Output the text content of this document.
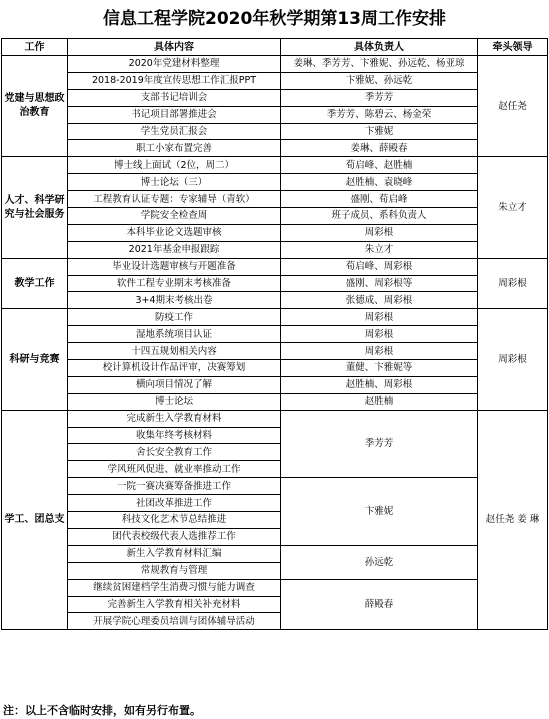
信息工程学院2020年秋学期第13周工作安排
工作	具体内容	具体负责人	牵头领导
党建与思想政治教育	2020年党建材料整理	姜琳、季芳芳、卞雅妮、孙远乾、杨亚琼	赵任尧
	2018-2019年度宣传思想工作汇报PPT	卞雅妮、孙远乾	
	支部书记培训会	季芳芳	
	书记项目部署推进会	季芳芳、陈碧云、杨金荣	
	学生党员汇报会	卞雅妮	
	职工小家布置完善	姜琳、薛殿春	
人才、科学研究与社会服务	博士线上面试（2位，周二）	荀启峰、赵胜楠	朱立才
	博士论坛（三）	赵胜楠、袁晓峰	
	工程教育认证专题：专家辅导（青软）	盛刚、荀启峰	
	学院安全检查周	班子成员、系科负责人	
	本科毕业论文选题审核	周彩根	
	2021年基金申报跟踪	朱立才	
教学工作	毕业设计选题审核与开题准备	荀启峰、周彩根	周彩根
	软件工程专业期末考核准备	盛刚、周彩根等	
	3+4期末考核出卷	张德成、周彩根	
科研与竞赛	防疫工作	周彩根	周彩根
	湿地系统项目认证	周彩根	
	十四五规划相关内容	周彩根	
	校计算机设计作品评审，决赛筹划	董健、卞雅妮等	
	横向项目情况了解	赵胜楠、周彩根	
	博士论坛	赵胜楠	
学工、团总支	完成新生入学教育材料	季芳芳	赵任尧 姜 琳
	收集年终考核材料		
	舍长安全教育工作		
	学风班风促进、就业率推动工作		
	一院一赛决赛筹备推进工作	卞雅妮	
	社团改革推进工作		
	科技文化艺术节总结推进		
	团代表校级代表人选推荐工作		
	新生入学教育材料汇编	孙远乾	
	常规教育与管理		
	继续贫困建档学生消费习惯与能力调查	薛殿春	
	完善新生入学教育相关补充材料		
	开展学院心理委员培训与团体辅导活动		
注：以上不含临时安排，如有另行布置。
